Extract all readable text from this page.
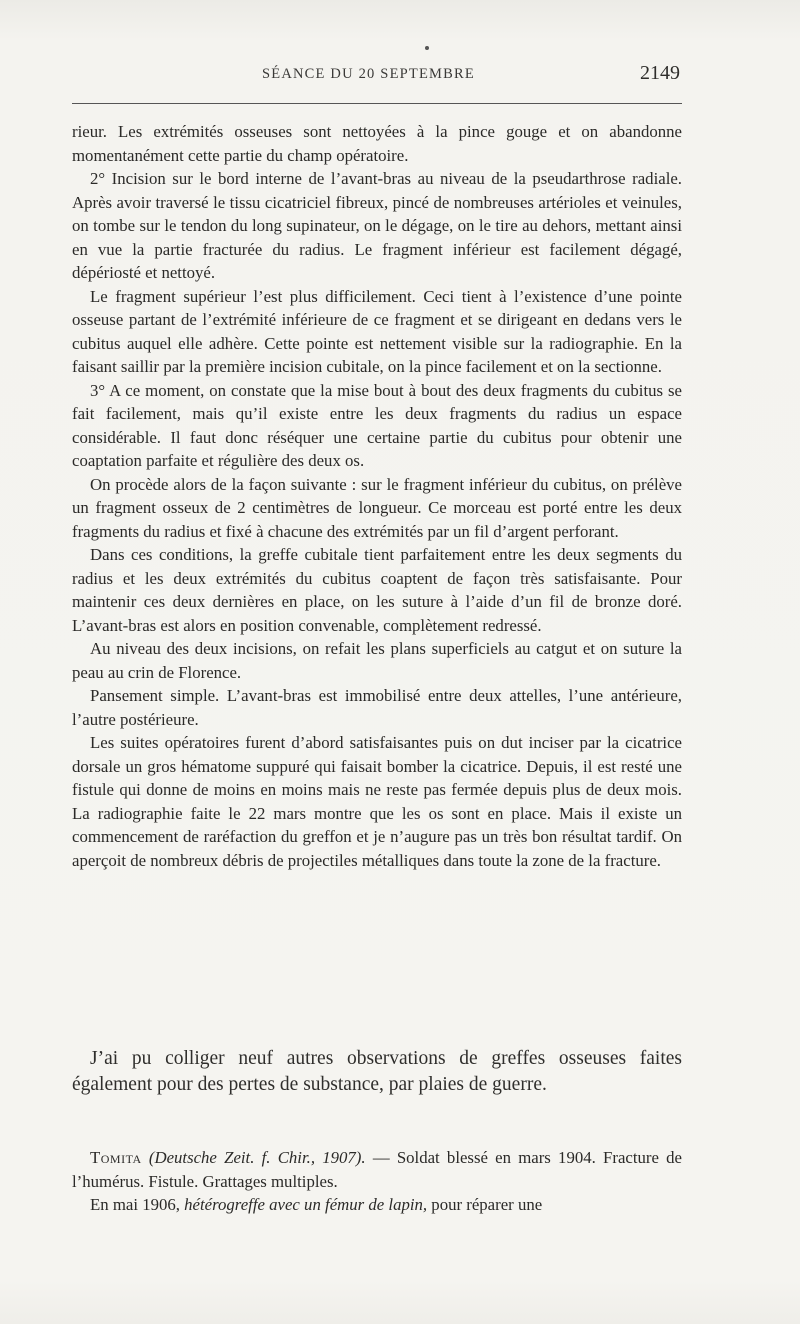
SÉANCE DU 20 SEPTEMBRE	2149

rieur. Les extrémités osseuses sont nettoyées à la pince gouge et on abandonne momentanément cette partie du champ opératoire.

2° Incision sur le bord interne de l’avant-bras au niveau de la pseudarthrose radiale. Après avoir traversé le tissu cicatriciel fibreux, pincé de nombreuses artérioles et veinules, on tombe sur le tendon du long supinateur, on le dégage, on le tire au dehors, mettant ainsi en vue la partie fracturée du radius. Le fragment inférieur est facilement dégagé, dépériosté et nettoyé.

Le fragment supérieur l’est plus difficilement. Ceci tient à l’existence d’une pointe osseuse partant de l’extrémité inférieure de ce fragment et se dirigeant en dedans vers le cubitus auquel elle adhère. Cette pointe est nettement visible sur la radiographie. En la faisant saillir par la première incision cubitale, on la pince facilement et on la sectionne.

3° A ce moment, on constate que la mise bout à bout des deux fragments du cubitus se fait facilement, mais qu’il existe entre les deux fragments du radius un espace considérable. Il faut donc réséquer une certaine partie du cubitus pour obtenir une coaptation parfaite et régulière des deux os.

On procède alors de la façon suivante : sur le fragment inférieur du cubitus, on prélève un fragment osseux de 2 centimètres de longueur. Ce morceau est porté entre les deux fragments du radius et fixé à chacune des extrémités par un fil d’argent perforant.

Dans ces conditions, la greffe cubitale tient parfaitement entre les deux segments du radius et les deux extrémités du cubitus coaptent de façon très satisfaisante. Pour maintenir ces deux dernières en place, on les suture à l’aide d’un fil de bronze doré. L’avant-bras est alors en position convenable, complètement redressé.

Au niveau des deux incisions, on refait les plans superficiels au catgut et on suture la peau au crin de Florence.

Pansement simple. L’avant-bras est immobilisé entre deux attelles, l’une antérieure, l’autre postérieure.

Les suites opératoires furent d’abord satisfaisantes puis on dut inciser par la cicatrice dorsale un gros hématome suppuré qui faisait bomber la cicatrice. Depuis, il est resté une fistule qui donne de moins en moins mais ne reste pas fermée depuis plus de deux mois. La radiographie faite le 22 mars montre que les os sont en place. Mais il existe un commencement de raréfaction du greffon et je n’augure pas un très bon résultat tardif. On aperçoit de nombreux débris de projectiles métalliques dans toute la zone de la fracture.

J’ai pu colliger neuf autres observations de greffes osseuses faites également pour des pertes de substance, par plaies de guerre.

Tomita (Deutsche Zeit. f. Chir., 1907). — Soldat blessé en mars 1904. Fracture de l’humérus. Fistule. Grattages multiples.

En mai 1906, hétérogreffe avec un fémur de lapin, pour réparer une
